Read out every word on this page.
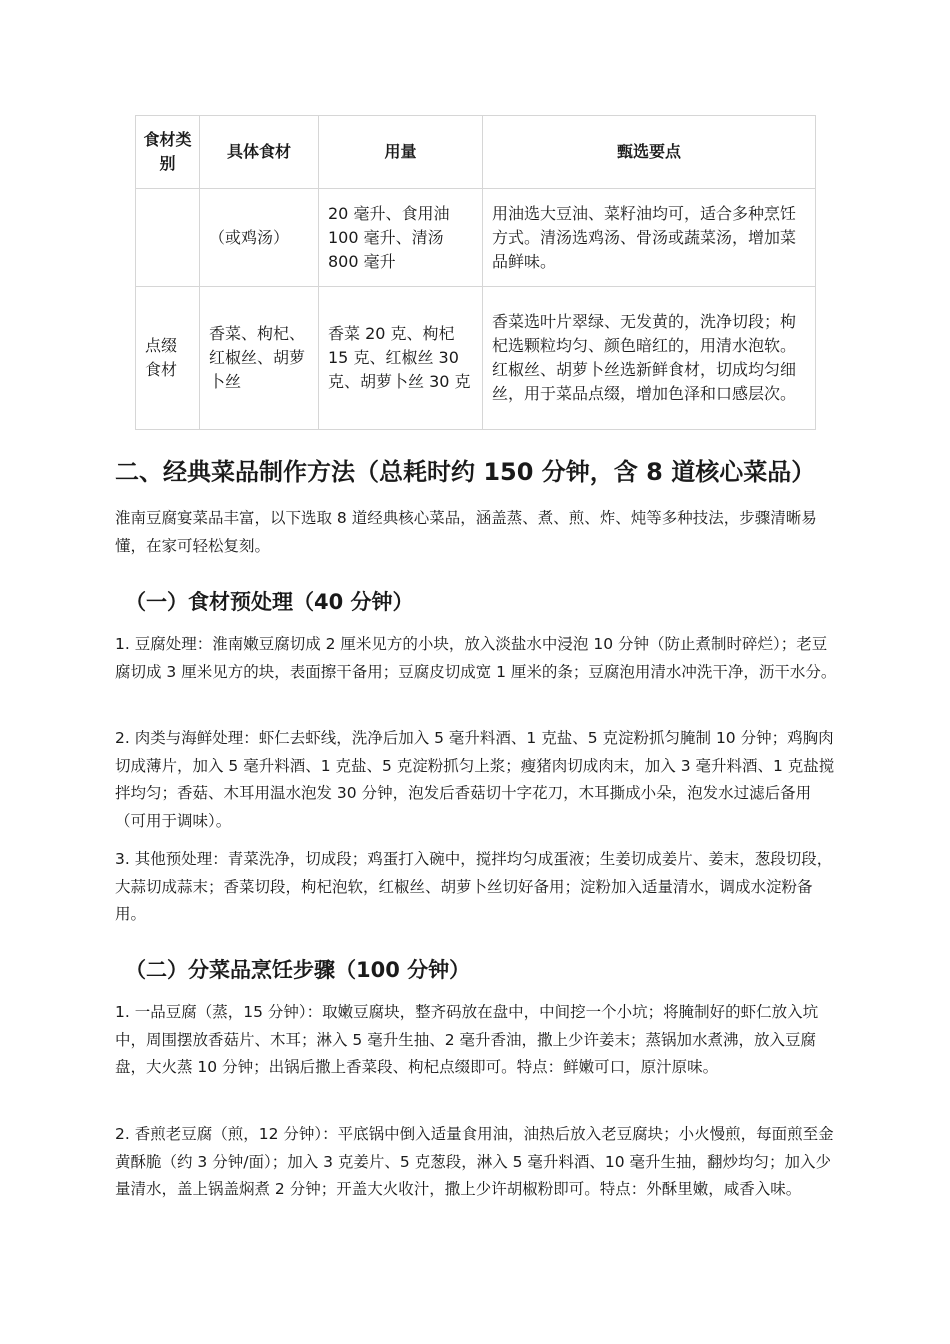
食材类别	具体食材	用量	甄选要点
	（或鸡汤）	20 毫升、食用油 100 毫升、清汤 800 毫升	用油选大豆油、菜籽油均可，适合多种烹饪方式。清汤选鸡汤、骨汤或蔬菜汤，增加菜品鲜味。
点缀食材	香菜、枸杞、红椒丝、胡萝卜丝	香菜 20 克、枸杞 15 克、红椒丝 30 克、胡萝卜丝 30 克	香菜选叶片翠绿、无发黄的，洗净切段；枸杞选颗粒均匀、颜色暗红的，用清水泡软。红椒丝、胡萝卜丝选新鲜食材，切成均匀细丝，用于菜品点缀，增加色泽和口感层次。
二、经典菜品制作方法（总耗时约 150 分钟，含 8 道核心菜品）

淮南豆腐宴菜品丰富，以下选取 8 道经典核心菜品，涵盖蒸、煮、煎、炸、炖等多种技法，步骤清晰易懂，在家可轻松复刻。

（一）食材预处理（40 分钟）

1. 豆腐处理：淮南嫩豆腐切成 2 厘米见方的小块，放入淡盐水中浸泡 10 分钟（防止煮制时碎烂）；老豆腐切成 3 厘米见方的块，表面擦干备用；豆腐皮切成宽 1 厘米的条；豆腐泡用清水冲洗干净，沥干水分。

2. 肉类与海鲜处理：虾仁去虾线，洗净后加入 5 毫升料酒、1 克盐、5 克淀粉抓匀腌制 10 分钟；鸡胸肉切成薄片，加入 5 毫升料酒、1 克盐、5 克淀粉抓匀上浆；瘦猪肉切成肉末，加入 3 毫升料酒、1 克盐搅拌均匀；香菇、木耳用温水泡发 30 分钟，泡发后香菇切十字花刀，木耳撕成小朵，泡发水过滤后备用（可用于调味）。

3. 其他预处理：青菜洗净，切成段；鸡蛋打入碗中，搅拌均匀成蛋液；生姜切成姜片、姜末，葱段切段，大蒜切成蒜末；香菜切段，枸杞泡软，红椒丝、胡萝卜丝切好备用；淀粉加入适量清水，调成水淀粉备用。

（二）分菜品烹饪步骤（100 分钟）

1. 一品豆腐（蒸，15 分钟）：取嫩豆腐块，整齐码放在盘中，中间挖一个小坑；将腌制好的虾仁放入坑中，周围摆放香菇片、木耳；淋入 5 毫升生抽、2 毫升香油，撒上少许姜末；蒸锅加水煮沸，放入豆腐盘，大火蒸 10 分钟；出锅后撒上香菜段、枸杞点缀即可。特点：鲜嫩可口，原汁原味。

2. 香煎老豆腐（煎，12 分钟）：平底锅中倒入适量食用油，油热后放入老豆腐块；小火慢煎，每面煎至金黄酥脆（约 3 分钟/面）；加入 3 克姜片、5 克葱段，淋入 5 毫升料酒、10 毫升生抽，翻炒均匀；加入少量清水，盖上锅盖焖煮 2 分钟；开盖大火收汁，撒上少许胡椒粉即可。特点：外酥里嫩，咸香入味。
